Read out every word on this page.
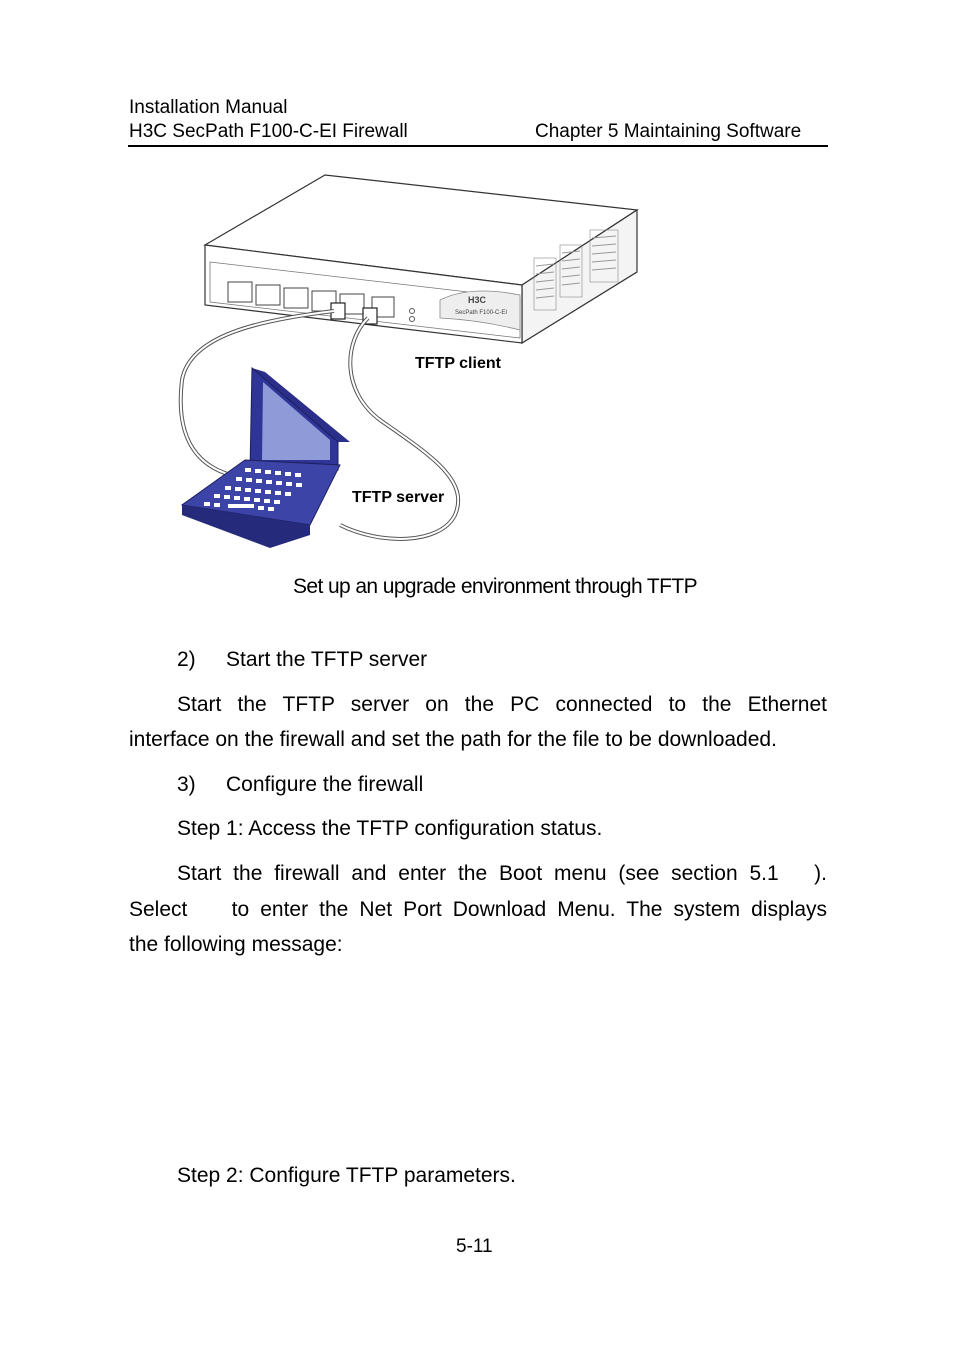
Installation Manual
H3C SecPath F100-C-EI Firewall	Chapter 5 Maintaining Software
H3C
SecPath F100-C-EI
TFTP client
TFTP server
Set up an upgrade environment through TFTP
2) Start the TFTP server
Start the TFTP server on the PC connected to the Ethernet
interface on the firewall and set the path for the file to be downloaded.
3) Configure the firewall
Step 1: Access the TFTP configuration status.
Start the firewall and enter the Boot menu (see section 5.1   ).
Select    to enter the Net Port Download Menu. The system displays
the following message:
Step 2: Configure TFTP parameters.
5-11
